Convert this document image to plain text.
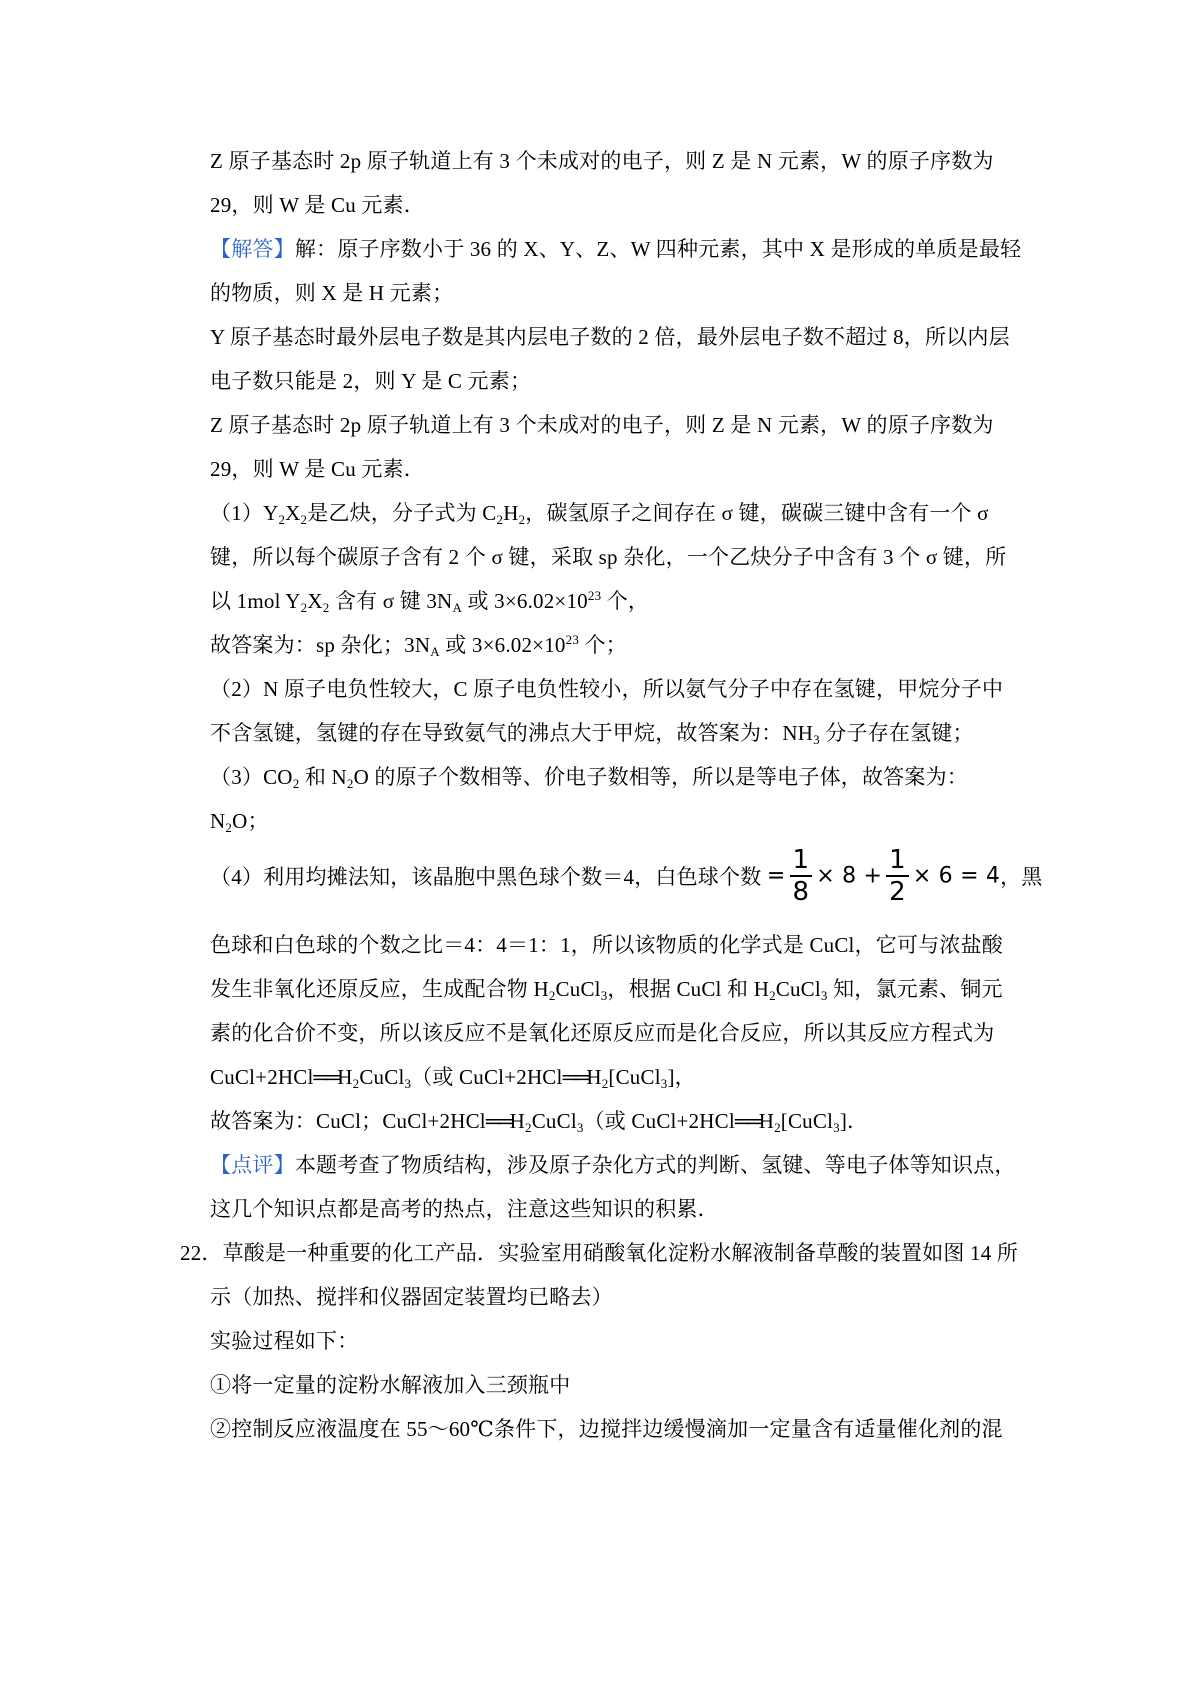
Z 原子基态时 2p 原子轨道上有 3 个未成对的电子，则 Z 是 N 元素，W 的原子序数为
29，则 W 是 Cu 元素．
【解答】解：原子序数小于 36 的 X、Y、Z、W 四种元素，其中 X 是形成的单质是最轻
的物质，则 X 是 H 元素；
Y 原子基态时最外层电子数是其内层电子数的 2 倍，最外层电子数不超过 8，所以内层
电子数只能是 2，则 Y 是 C 元素；
Z 原子基态时 2p 原子轨道上有 3 个未成对的电子，则 Z 是 N 元素，W 的原子序数为
29，则 W 是 Cu 元素．
$(1)Y_2X_2$是乙炔，分子式为 $C_2H_2$，碳氢原子之间存在 σ 键，碳碳三键中含有一个 σ
键，所以每个碳原子含有 2 个 σ 键，采取 sp 杂化，一个乙炔分子中含有 3 个 σ 键，所
以 1mol $Y_2X_2$ 含有 σ 键 $3N_A$ 或 $3\times 6.02\times 10^{23}$ 个，
故答案为：sp 杂化；$3N_A$ 或 $3\times 6.02\times 10^{23}$ 个；
（2）N 原子电负性较大，C 原子电负性较小，所以氨气分子中存在氢键，甲烷分子中
不含氢键，氢键的存在导致氨气的沸点大于甲烷，故答案为：$NH_3$ 分子存在氢键；
$(3)CO_2$ 和 $N_2O$ 的原子个数相等、价电子数相等，所以是等电子体，故答案为：
$N_2O$；
（4）利用均摊法知，该晶胞中黑色球个数＝4，白色球个数 = $\frac{1}{8} \times 8 + \frac{1}{2} \times 6 = 4$，黑
色球和白色球的个数之比＝4：4＝1：1，所以该物质的化学式是 CuCl，它可与浓盐酸
发生非氧化还原反应，生成配合物 $H_2CuCl_3$，根据 CuCl 和 $H_2CuCl_3$ 知，氯元素、铜元
素的化合价不变，所以该反应不是氧化还原反应而是化合反应，所以其反应方程式为
$CuCl+2HCl══H_2CuCl_3$（或 $CuCl+2HCl══H_2[CuCl_3]$，
故答案为：CuCl；$CuCl+2HCl══H_2CuCl_3$（或 $CuCl+2HCl══H_2[CuCl_3]$．
【点评】本题考查了物质结构，涉及原子杂化方式的判断、氢键、等电子体等知识点，
这几个知识点都是高考的热点，注意这些知识的积累．
22．草酸是一种重要的化工产品．实验室用硝酸氧化淀粉水解液制备草酸的装置如图 14 所
示（加热、搅拌和仪器固定装置均已略去）
实验过程如下：
①将一定量的淀粉水解液加入三颈瓶中
②控制反应液温度在 55～60℃条件下，边搅拌边缓慢滴加一定量含有适量催化剂的混
